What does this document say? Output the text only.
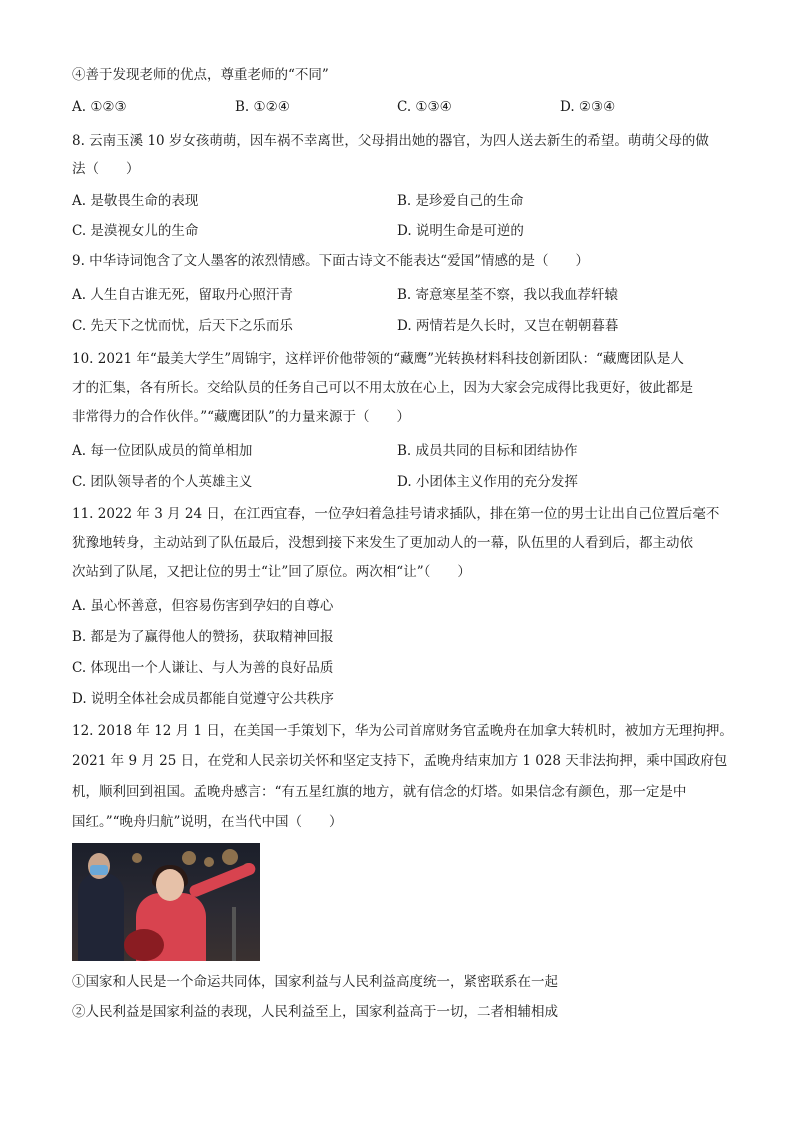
④善于发现老师的优点，尊重老师的“不同”
8. 云南玉溪 10 岁女孩萌萌，因车祸不幸离世，父母捐出她的器官，为四人送去新生的希望。萌萌父母的做
法（　　）
9. 中华诗词饱含了文人墨客的浓烈情感。下面古诗文不能表达“爱国”情感的是（　　）
10. 2021 年“最美大学生”周锦宇，这样评价他带领的“藏鹰”光转换材料科技创新团队：“藏鹰团队是人
才的汇集，各有所长。交给队员的任务自己可以不用太放在心上，因为大家会完成得比我更好，彼此都是
非常得力的合作伙伴。”“藏鹰团队”的力量来源于（　　）
11. 2022 年 3 月 24 日，在江西宜春，一位孕妇着急挂号请求插队，排在第一位的男士让出自己位置后毫不
犹豫地转身，主动站到了队伍最后，没想到接下来发生了更加动人的一幕，队伍里的人看到后，都主动依
次站到了队尾，又把让位的男士“让”回了原位。两次相“让”（　　）
A. 虽心怀善意，但容易伤害到孕妇的自尊心
B. 都是为了赢得他人的赞扬，获取精神回报
C. 体现出一个人谦让、与人为善的良好品质
D. 说明全体社会成员都能自觉遵守公共秩序
12. 2018 年 12 月 1 日，在美国一手策划下，华为公司首席财务官孟晚舟在加拿大转机时，被加方无理拘押。
2021 年 9 月 25 日，在党和人民亲切关怀和坚定支持下，孟晚舟结束加方 1 028 天非法拘押，乘中国政府包
机，顺利回到祖国。孟晚舟感言：“有五星红旗的地方，就有信念的灯塔。如果信念有颜色，那一定是中
国红。”“晚舟归航”说明，在当代中国（　　）
①国家和人民是一个命运共同体，国家利益与人民利益高度统一，紧密联系在一起
②人民利益是国家利益的表现，人民利益至上，国家利益高于一切，二者相辅相成
A. ①②③	B. ①②④	C. ①③④	D. ②③④
A. 是敬畏生命的表现	B. 是珍爱自己的生命
C. 是漠视女儿的生命	D. 说明生命是可逆的
A. 人生自古谁无死，留取丹心照汗青	B. 寄意寒星荃不察，我以我血荐轩辕
C. 先天下之忧而忧，后天下之乐而乐	D. 两情若是久长时，又岂在朝朝暮暮
A. 每一位团队成员的简单相加	B. 成员共同的目标和团结协作
C. 团队领导者的个人英雄主义	D. 小团体主义作用的充分发挥
